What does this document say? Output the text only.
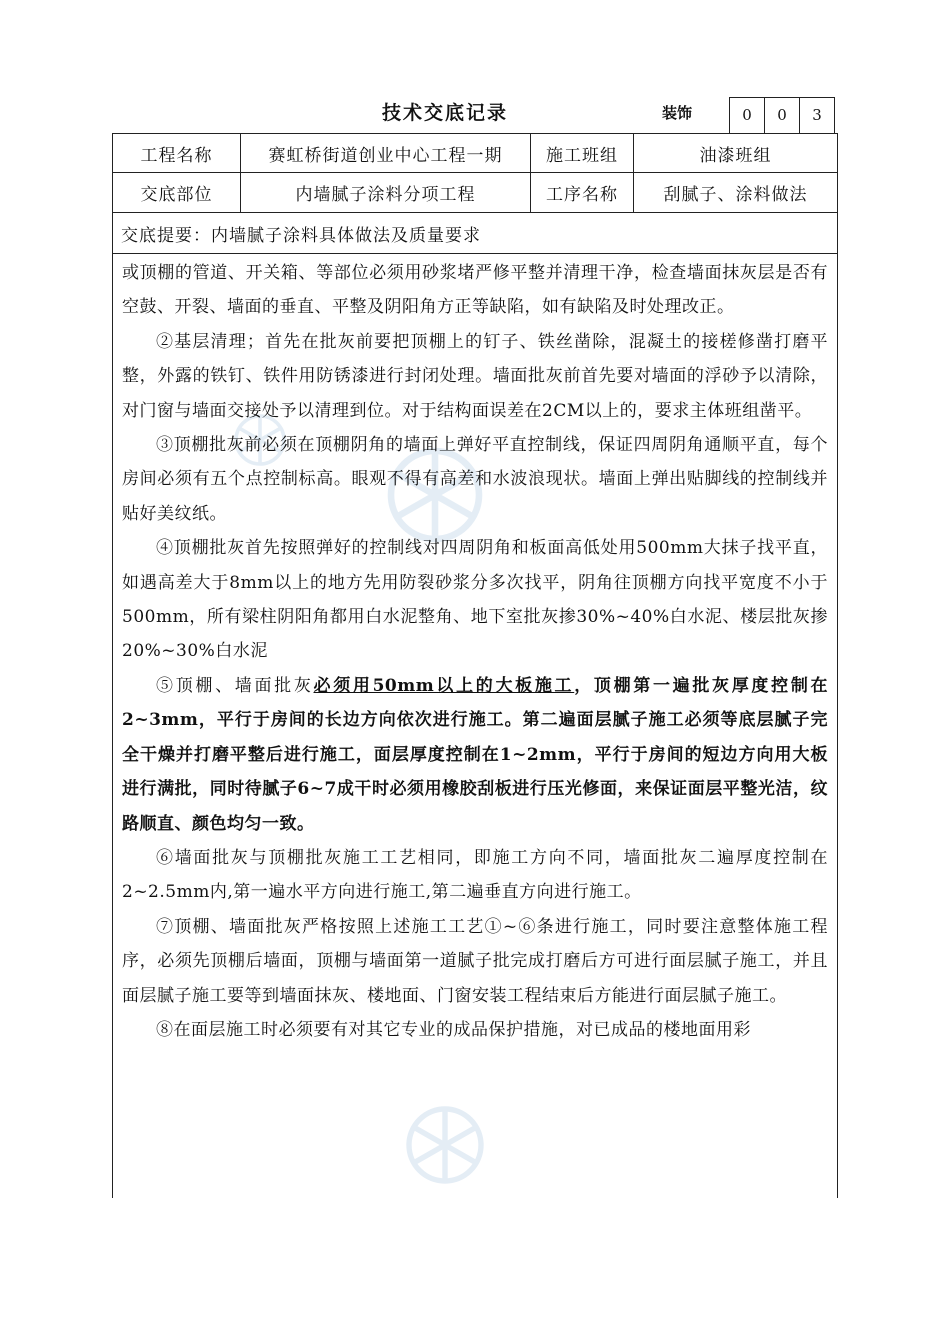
技术交底记录	装饰	0	0	3
工程名称	赛虹桥街道创业中心工程一期	施工班组	油漆班组
交底部位	内墙腻子涂料分项工程	工序名称	刮腻子、涂料做法
交底提要：内墙腻子涂料具体做法及质量要求

或顶棚的管道、开关箱、等部位必须用砂浆堵严修平整并清理干净，检查墙面抹灰层是否有空鼓、开裂、墙面的垂直、平整及阴阳角方正等缺陷，如有缺陷及时处理改正。

②基层清理；首先在批灰前要把顶棚上的钉子、铁丝凿除，混凝土的接槎修凿打磨平整，外露的铁钉、铁件用防锈漆进行封闭处理。墙面批灰前首先要对墙面的浮砂予以清除，对门窗与墙面交接处予以清理到位。对于结构面误差在2CM以上的，要求主体班组凿平。

③顶棚批灰前必须在顶棚阴角的墙面上弹好平直控制线，保证四周阴角通顺平直，每个房间必须有五个点控制标高。眼观不得有高差和水波浪现状。墙面上弹出贴脚线的控制线并贴好美纹纸。

④顶棚批灰首先按照弹好的控制线对四周阴角和板面高低处用500mm大抹子找平直，如遇高差大于8mm以上的地方先用防裂砂浆分多次找平，阴角往顶棚方向找平宽度不小于500mm，所有梁柱阴阳角都用白水泥整角、地下室批灰掺30%~40%白水泥、楼层批灰掺20%~30%白水泥

⑤顶棚、墙面批灰必须用50mm以上的大板施工，顶棚第一遍批灰厚度控制在2~3mm，平行于房间的长边方向依次进行施工。第二遍面层腻子施工必须等底层腻子完全干燥并打磨平整后进行施工，面层厚度控制在1~2mm，平行于房间的短边方向用大板进行满批，同时待腻子6~7成干时必须用橡胶刮板进行压光修面，来保证面层平整光洁，纹路顺直、颜色均匀一致。

⑥墙面批灰与顶棚批灰施工工艺相同，即施工方向不同，墙面批灰二遍厚度控制在2~2.5mm内,第一遍水平方向进行施工,第二遍垂直方向进行施工。

⑦顶棚、墙面批灰严格按照上述施工工艺①~⑥条进行施工，同时要注意整体施工程序，必须先顶棚后墙面，顶棚与墙面第一道腻子批完成打磨后方可进行面层腻子施工，并且面层腻子施工要等到墙面抹灰、楼地面、门窗安装工程结束后方能进行面层腻子施工。

⑧在面层施工时必须要有对其它专业的成品保护措施，对已成品的楼地面用彩
